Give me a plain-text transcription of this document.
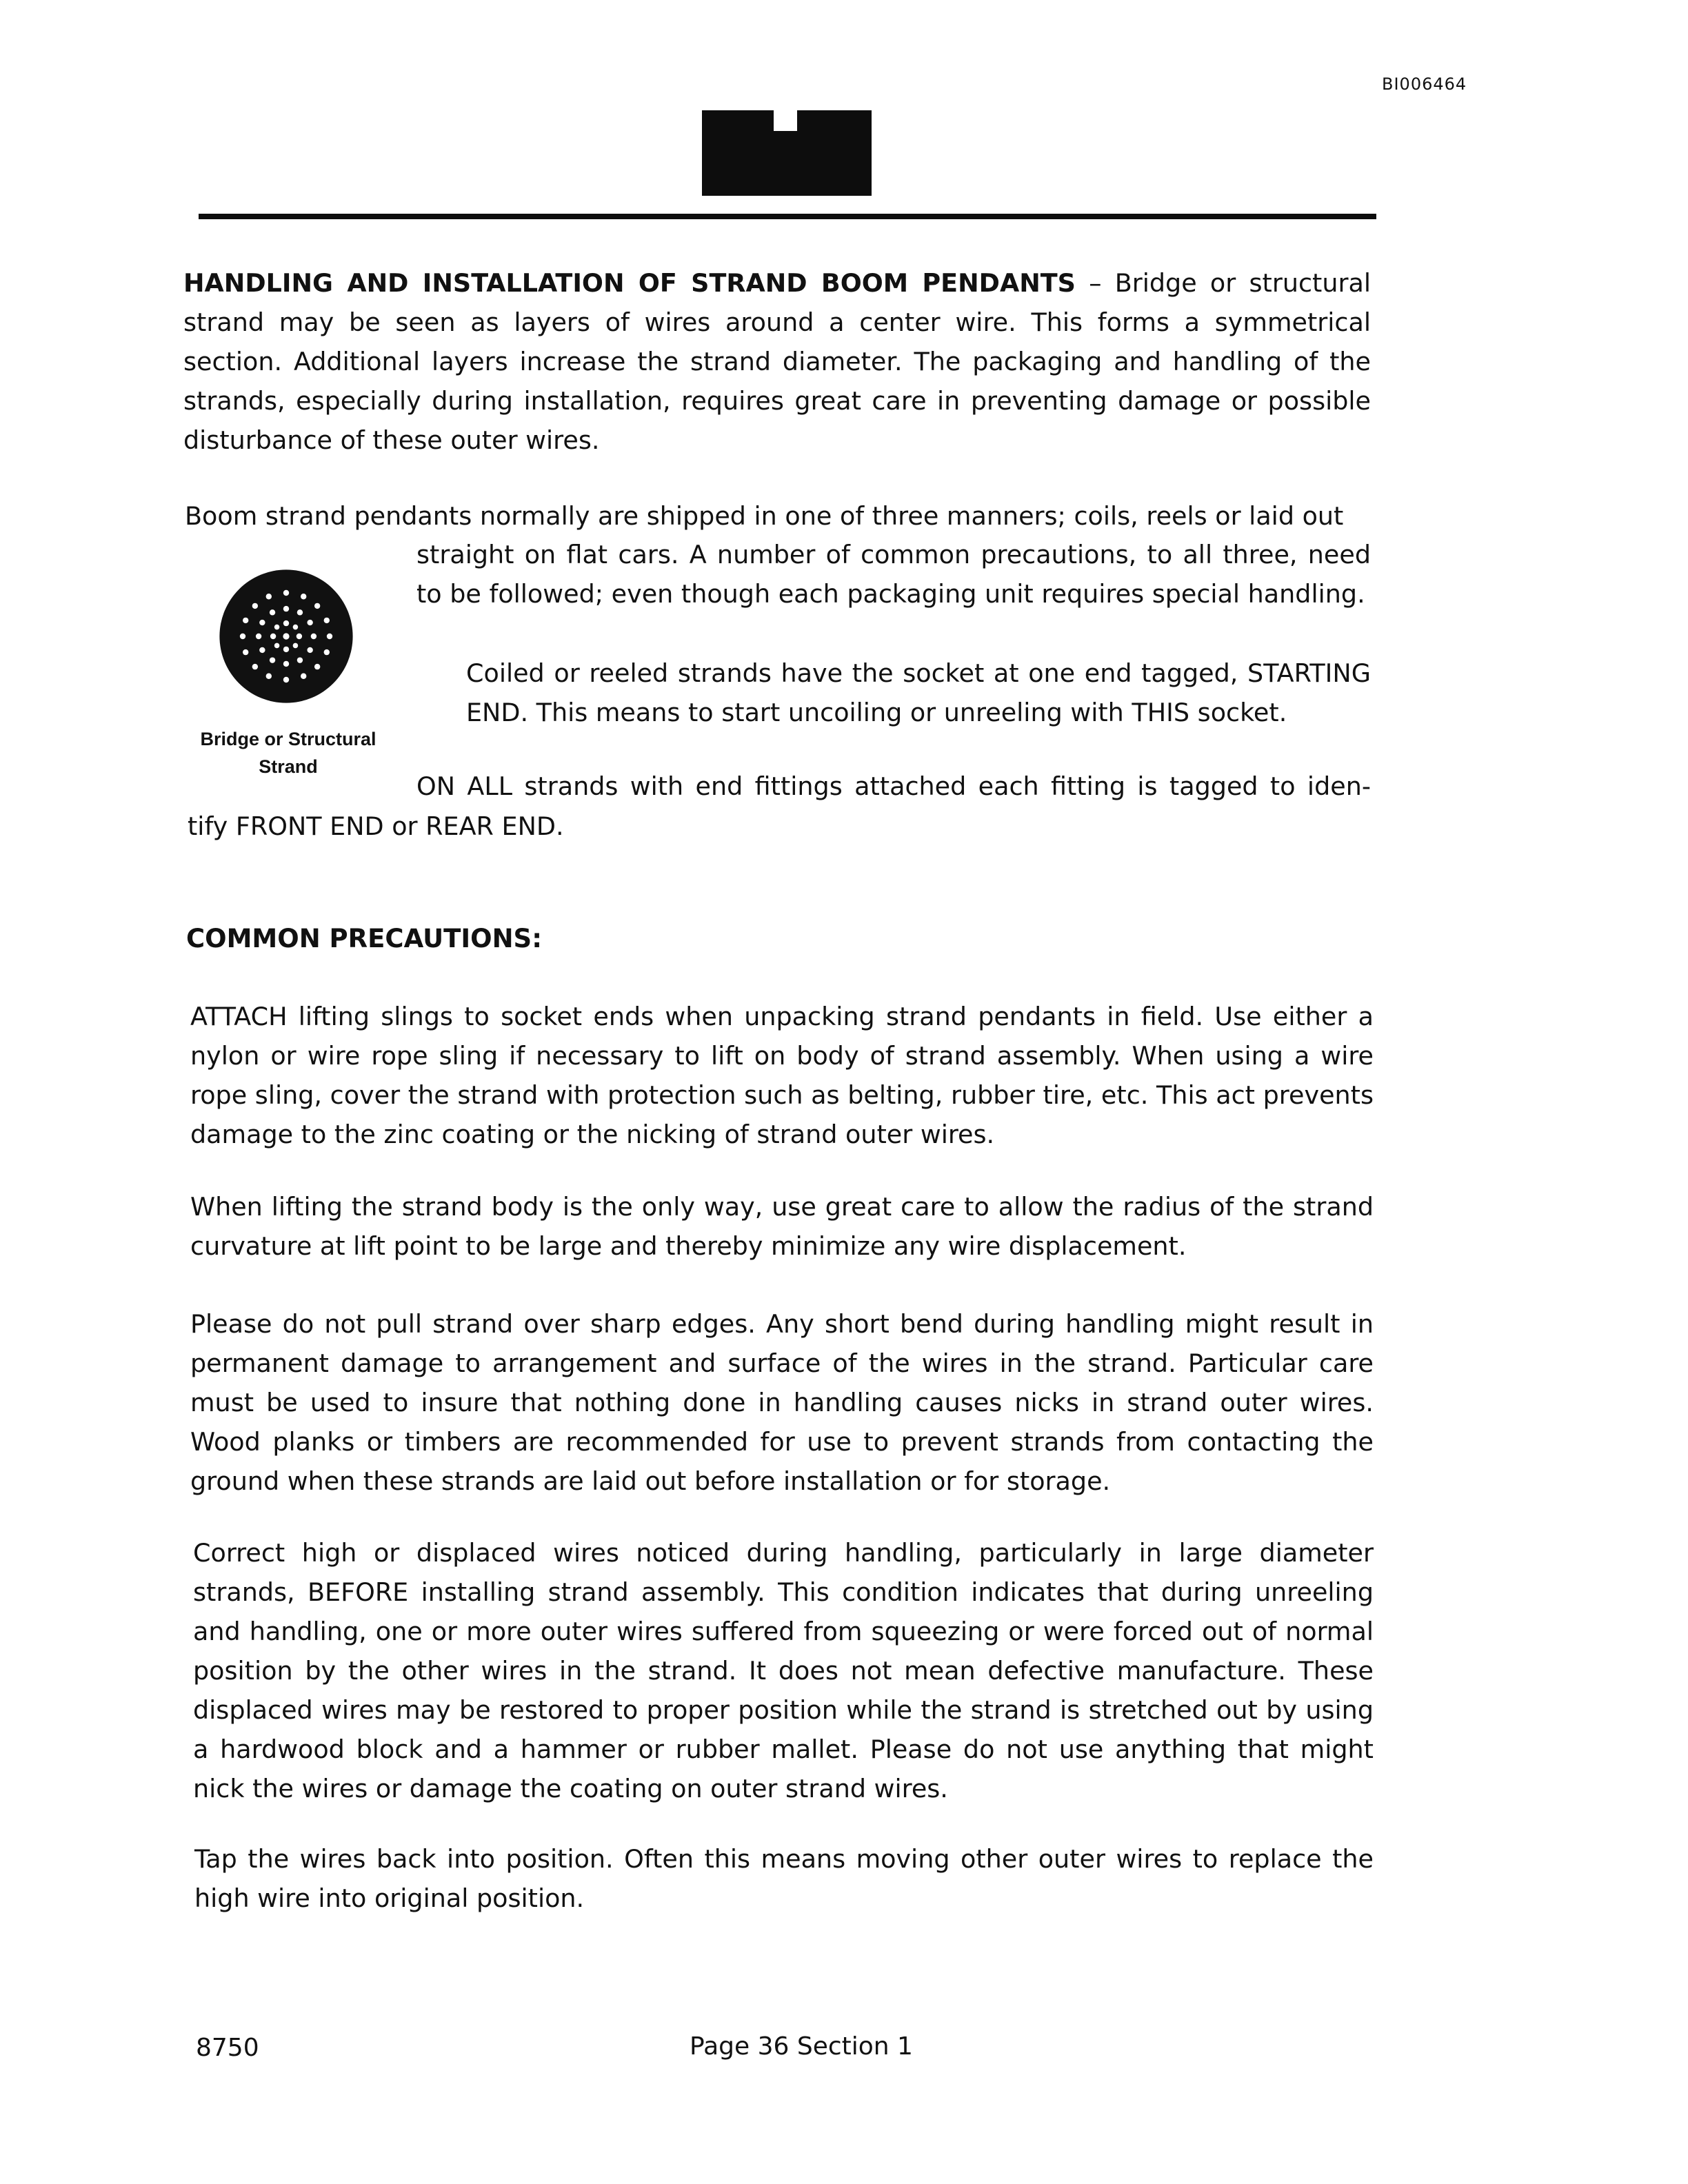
BI006464

HANDLING AND INSTALLATION OF STRAND BOOM PENDANTS – Bridge or structural strand may be seen as layers of wires around a center wire. This forms a symmetrical section. Additional layers increase the strand diameter. The packaging and handling of the strands, especially during installation, requires great care in preventing damage or possible disturbance of these outer wires.

Boom strand pendants normally are shipped in one of three manners; coils, reels or laid out

straight on flat cars. A number of common precautions, to all three, need to be followed; even though each packaging unit requires special handling.

Bridge or Structural
Strand

Coiled or reeled strands have the socket at one end tagged, STARTING END. This means to start uncoiling or unreeling with THIS socket.

ON ALL strands with end fittings attached each fitting is tagged to iden-

tify FRONT END or REAR END.

COMMON PRECAUTIONS:

ATTACH lifting slings to socket ends when unpacking strand pendants in field. Use either a nylon or wire rope sling if necessary to lift on body of strand assembly. When using a wire rope sling, cover the strand with protection such as belting, rubber tire, etc. This act prevents damage to the zinc coating or the nicking of strand outer wires.

When lifting the strand body is the only way, use great care to allow the radius of the strand curvature at lift point to be large and thereby minimize any wire displacement.

Please do not pull strand over sharp edges. Any short bend during handling might result in permanent damage to arrangement and surface of the wires in the strand. Particular care must be used to insure that nothing done in handling causes nicks in strand outer wires. Wood planks or timbers are recommended for use to prevent strands from contacting the ground when these strands are laid out before installation or for storage.

Correct high or displaced wires noticed during handling, particularly in large diameter strands, BEFORE installing strand assembly. This condition indicates that during unreeling and handling, one or more outer wires suffered from squeezing or were forced out of normal position by the other wires in the strand. It does not mean defective manufacture. These displaced wires may be restored to proper position while the strand is stretched out by using a hardwood block and a hammer or rubber mallet. Please do not use anything that might nick the wires or damage the coating on outer strand wires.

Tap the wires back into position. Often this means moving other outer wires to replace the high wire into original position.

8750	Page 36 Section 1
